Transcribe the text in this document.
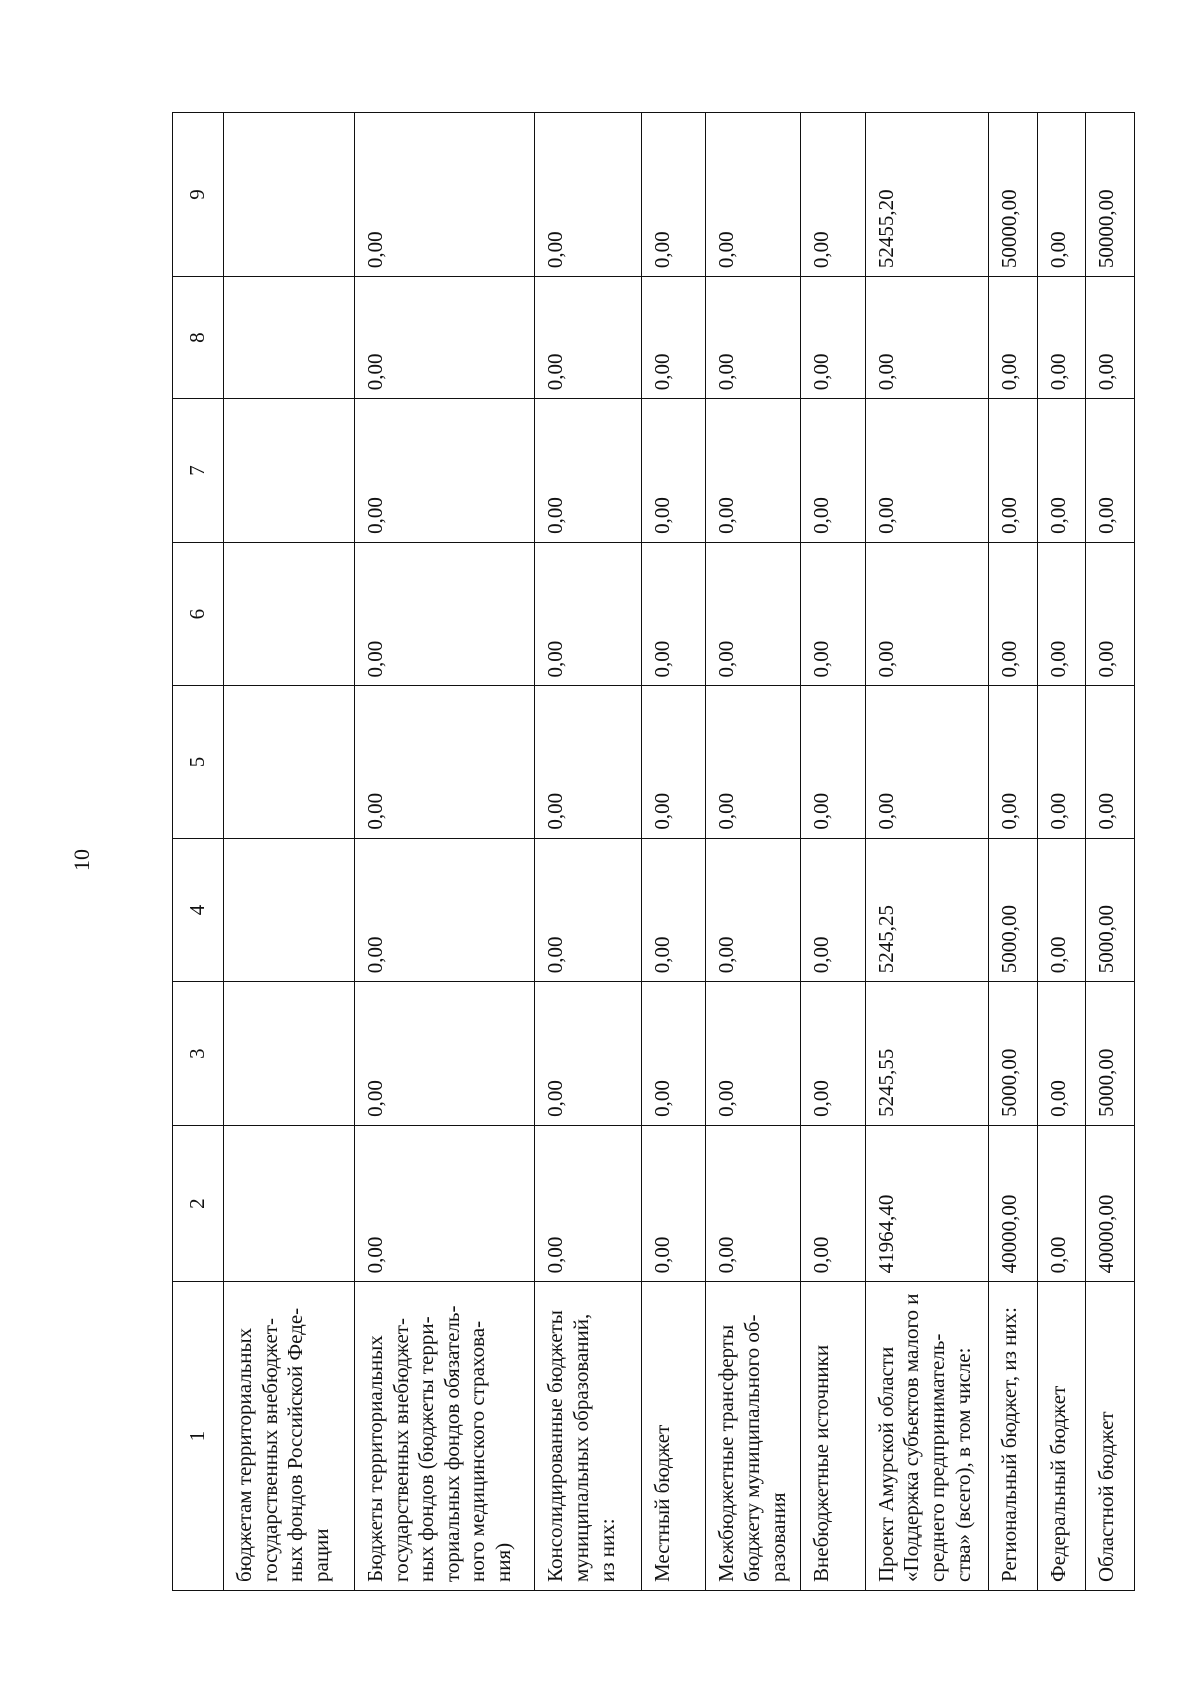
10
1	2	3	4	5	6	7	8	9
бюджетам территориальных государственных внебюджет-ных фондов Российской Феде-рации								
Бюджеты территориальных государственных внебюджет-ных фондов (бюджеты терри-ториальных фондов обязатель-ного медицинского страхова-ния)	0,00	0,00	0,00	0,00	0,00	0,00	0,00	0,00
Консолидированные бюджеты муниципальных образований, из них:	0,00	0,00	0,00	0,00	0,00	0,00	0,00	0,00
Местный бюджет	0,00	0,00	0,00	0,00	0,00	0,00	0,00	0,00
Межбюджетные трансферты бюджету муниципального об-разования	0,00	0,00	0,00	0,00	0,00	0,00	0,00	0,00
Внебюджетные источники	0,00	0,00	0,00	0,00	0,00	0,00	0,00	0,00
Проект Амурской области «Поддержка субъектов малого и среднего предприниматель-ства» (всего), в том числе:	41964,40	5245,55	5245,25	0,00	0,00	0,00	0,00	52455,20
Региональный бюджет, из них:	40000,00	5000,00	5000,00	0,00	0,00	0,00	0,00	50000,00
Федеральный бюджет	0,00	0,00	0,00	0,00	0,00	0,00	0,00	0,00
Областной бюджет	40000,00	5000,00	5000,00	0,00	0,00	0,00	0,00	50000,00
